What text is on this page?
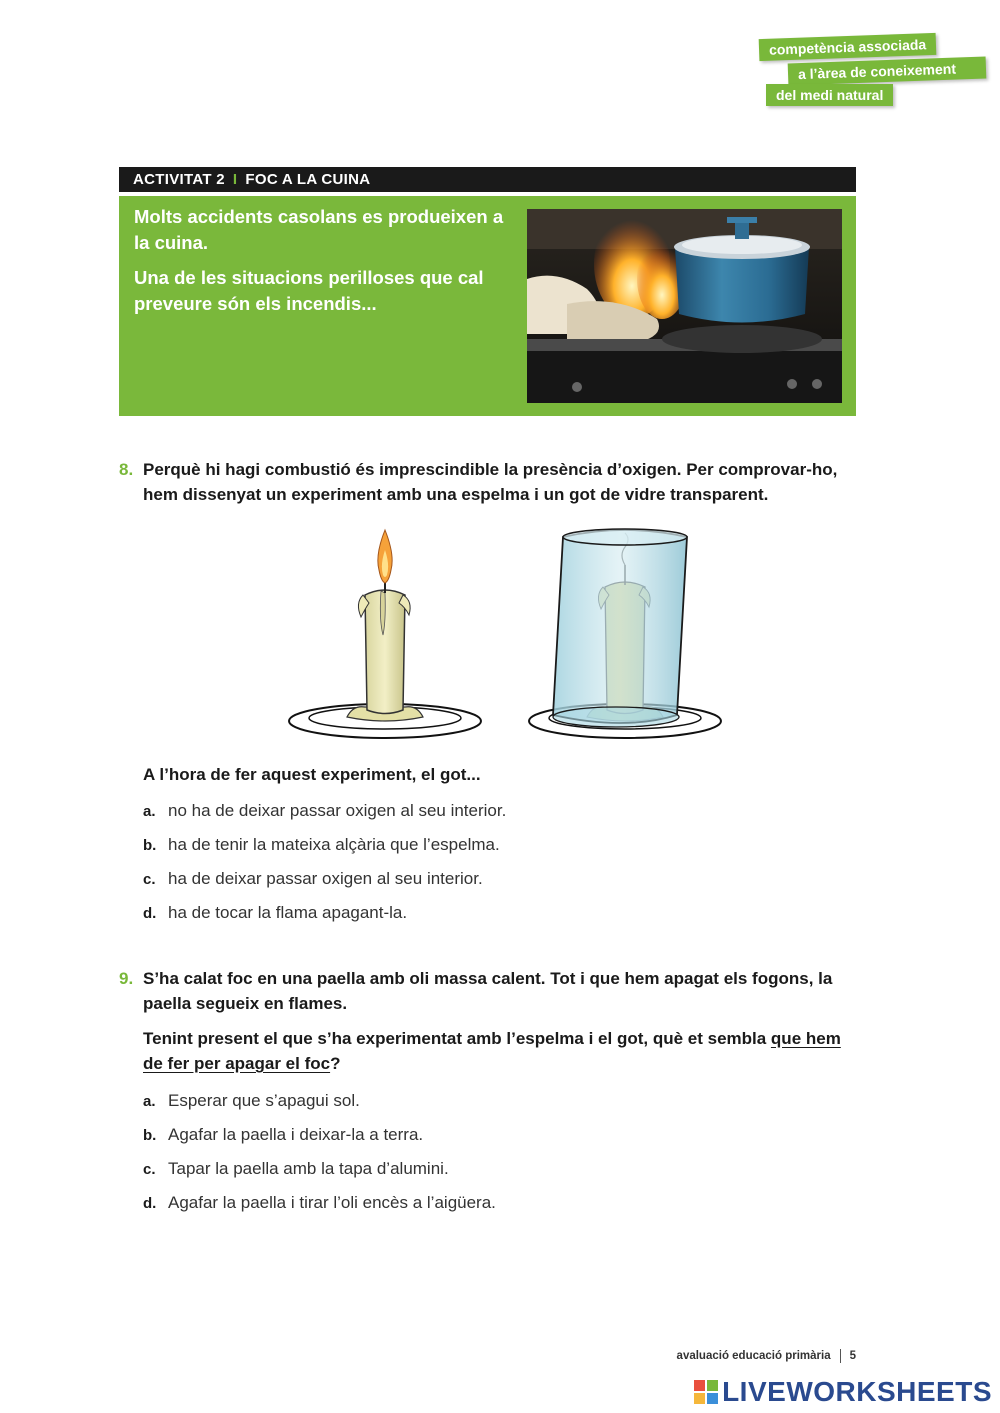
competència associada
a l’àrea de coneixement
del medi natural
ACTIVITAT 2 I FOC A LA CUINA

Molts accidents casolans es produeixen a la cuina.

Una de les situacions perilloses que cal preveure són els incendis...

8. Perquè hi hagi combustió és imprescindible la presència d’oxigen. Per comprovar-ho, hem dissenyat un experiment amb una espelma i un got de vidre transparent.
A l’hora de fer aquest experiment, el got...
a. no ha de deixar passar oxigen al seu interior.
b. ha de tenir la mateixa alçària que l’espelma.
c. ha de deixar passar oxigen al seu interior.
d. ha de tocar la flama apagant-la.
9. S’ha calat foc en una paella amb oli massa calent. Tot i que hem apagat els fogons, la paella segueix en flames.
Tenint present el que s’ha experimentat amb l’espelma i el got, què et sembla que hem de fer per apagar el foc?
a. Esperar que s’apagui sol.
b. Agafar la paella i deixar-la a terra.
c. Tapar la paella amb la tapa d’alumini.
d. Agafar la paella i tirar l’oli encès a l’aigüera.
avaluació educació primària 5
LIVEWORKSHEETS
